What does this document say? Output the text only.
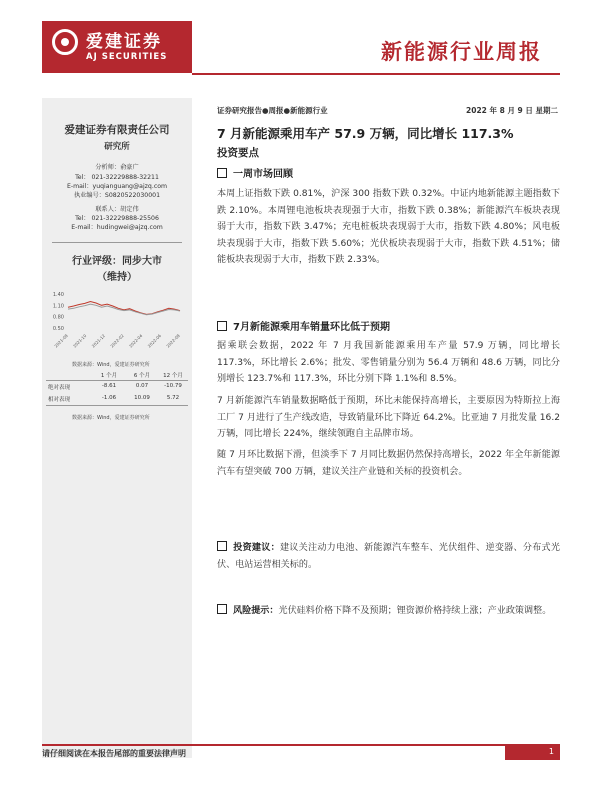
爱建证券
AJ SECURITIES	新能源行业周报
爱建证券有限责任公司
研究所
分析师：俞豪广
Tel： 021-32229888-32211
E-mail：yuqianguang@ajzq.com
执业编号：S0820522030001
联系人：胡定伟
Tel： 021-32229888-25506
E-mail：hudingwei@ajzq.com
行业评级：同步大市
（维持）
1.40
1.10
0.80
0.50
2021-08 2021-10 2021-12 2022-02 2022-04 2022-06 2022-08
数据来源：Wind，爱建证券研究所
1 个月	6 个月	12 个月
绝对表现	-8.61	0.07	-10.79
相对表现	-1.06	10.09	5.72
数据来源：Wind，爱建证券研究所
证券研究报告●周报●新能源行业	2022 年 8 月 9 日 星期二
7 月新能源乘用车产 57.9 万辆，同比增长 117.3%
投资要点
一周市场回顾
本周上证指数下跌 0.81%，沪深 300 指数下跌 0.32%。中证内地新能源主题指数下跌 2.10%。本周锂电池板块表现强于大市，指数下跌 0.38%；新能源汽车板块表现弱于大市，指数下跌 3.47%；充电桩板块表现弱于大市，指数下跌 4.80%；风电板块表现弱于大市，指数下跌 5.60%；光伏板块表现弱于大市，指数下跌 4.51%；储能板块表现弱于大市，指数下跌 2.33%。
7月新能源乘用车销量环比低于预期
据乘联会数据，2022 年 7 月我国新能源乘用车产量 57.9 万辆，同比增长 117.3%，环比增长 2.6%；批发、零售销量分别为 56.4 万辆和 48.6 万辆，同比分别增长 123.7%和 117.3%，环比分别下降 1.1%和 8.5%。
7 月新能源汽车销量数据略低于预期，环比未能保持高增长，主要原因为特斯拉上海工厂 7 月进行了生产线改造，导致销量环比下降近 64.2%。比亚迪 7 月批发量 16.2 万辆，同比增长 224%，继续领跑自主品牌市场。
随 7 月环比数据下滑，但淡季下 7 月同比数据仍然保持高增长，2022 年全年新能源汽车有望突破 700 万辆，建议关注产业链和关标的投资机会。
投资建议：建议关注动力电池、新能源汽车整车、光伏组件、逆变器、分布式光伏、电站运营相关标的。
风险提示：光伏硅料价格下降不及预期；锂资源价格持续上涨；产业政策调整。
请仔细阅读在本报告尾部的重要法律声明	1
